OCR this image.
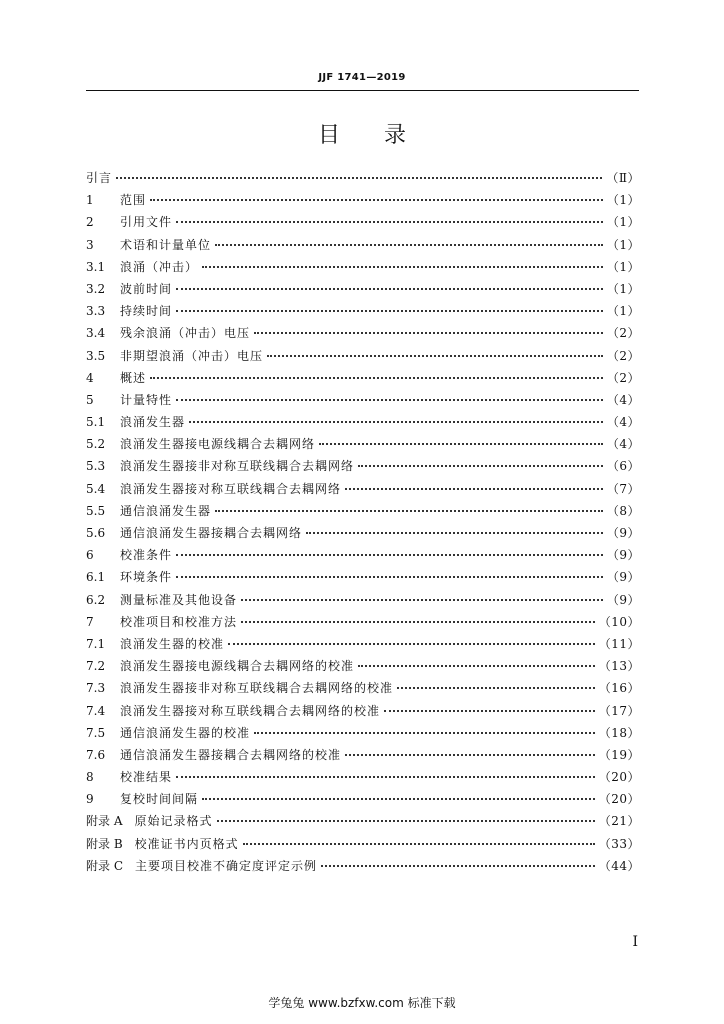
JJF 1741—2019
目录
引言	（Ⅱ）
1	范围	（1）
2	引用文件	（1）
3	术语和计量单位	（1）
3.1	浪涌（冲击）	（1）
3.2	波前时间	（1）
3.3	持续时间	（1）
3.4	残余浪涌（冲击）电压	（2）
3.5	非期望浪涌（冲击）电压	（2）
4	概述	（2）
5	计量特性	（4）
5.1	浪涌发生器	（4）
5.2	浪涌发生器接电源线耦合去耦网络	（4）
5.3	浪涌发生器接非对称互联线耦合去耦网络	（6）
5.4	浪涌发生器接对称互联线耦合去耦网络	（7）
5.5	通信浪涌发生器	（8）
5.6	通信浪涌发生器接耦合去耦网络	（9）
6	校准条件	（9）
6.1	环境条件	（9）
6.2	测量标准及其他设备	（9）
7	校准项目和校准方法	（10）
7.1	浪涌发生器的校准	（11）
7.2	浪涌发生器接电源线耦合去耦网络的校准	（13）
7.3	浪涌发生器接非对称互联线耦合去耦网络的校准	（16）
7.4	浪涌发生器接对称互联线耦合去耦网络的校准	（17）
7.5	通信浪涌发生器的校准	（18）
7.6	通信浪涌发生器接耦合去耦网络的校准	（19）
8	校准结果	（20）
9	复校时间间隔	（20）
附录 A 原始记录格式	（21）
附录 B 校准证书内页格式	（33）
附录 C 主要项目校准不确定度评定示例	（44）
I
学兔兔 www.bzfxw.com 标准下载
